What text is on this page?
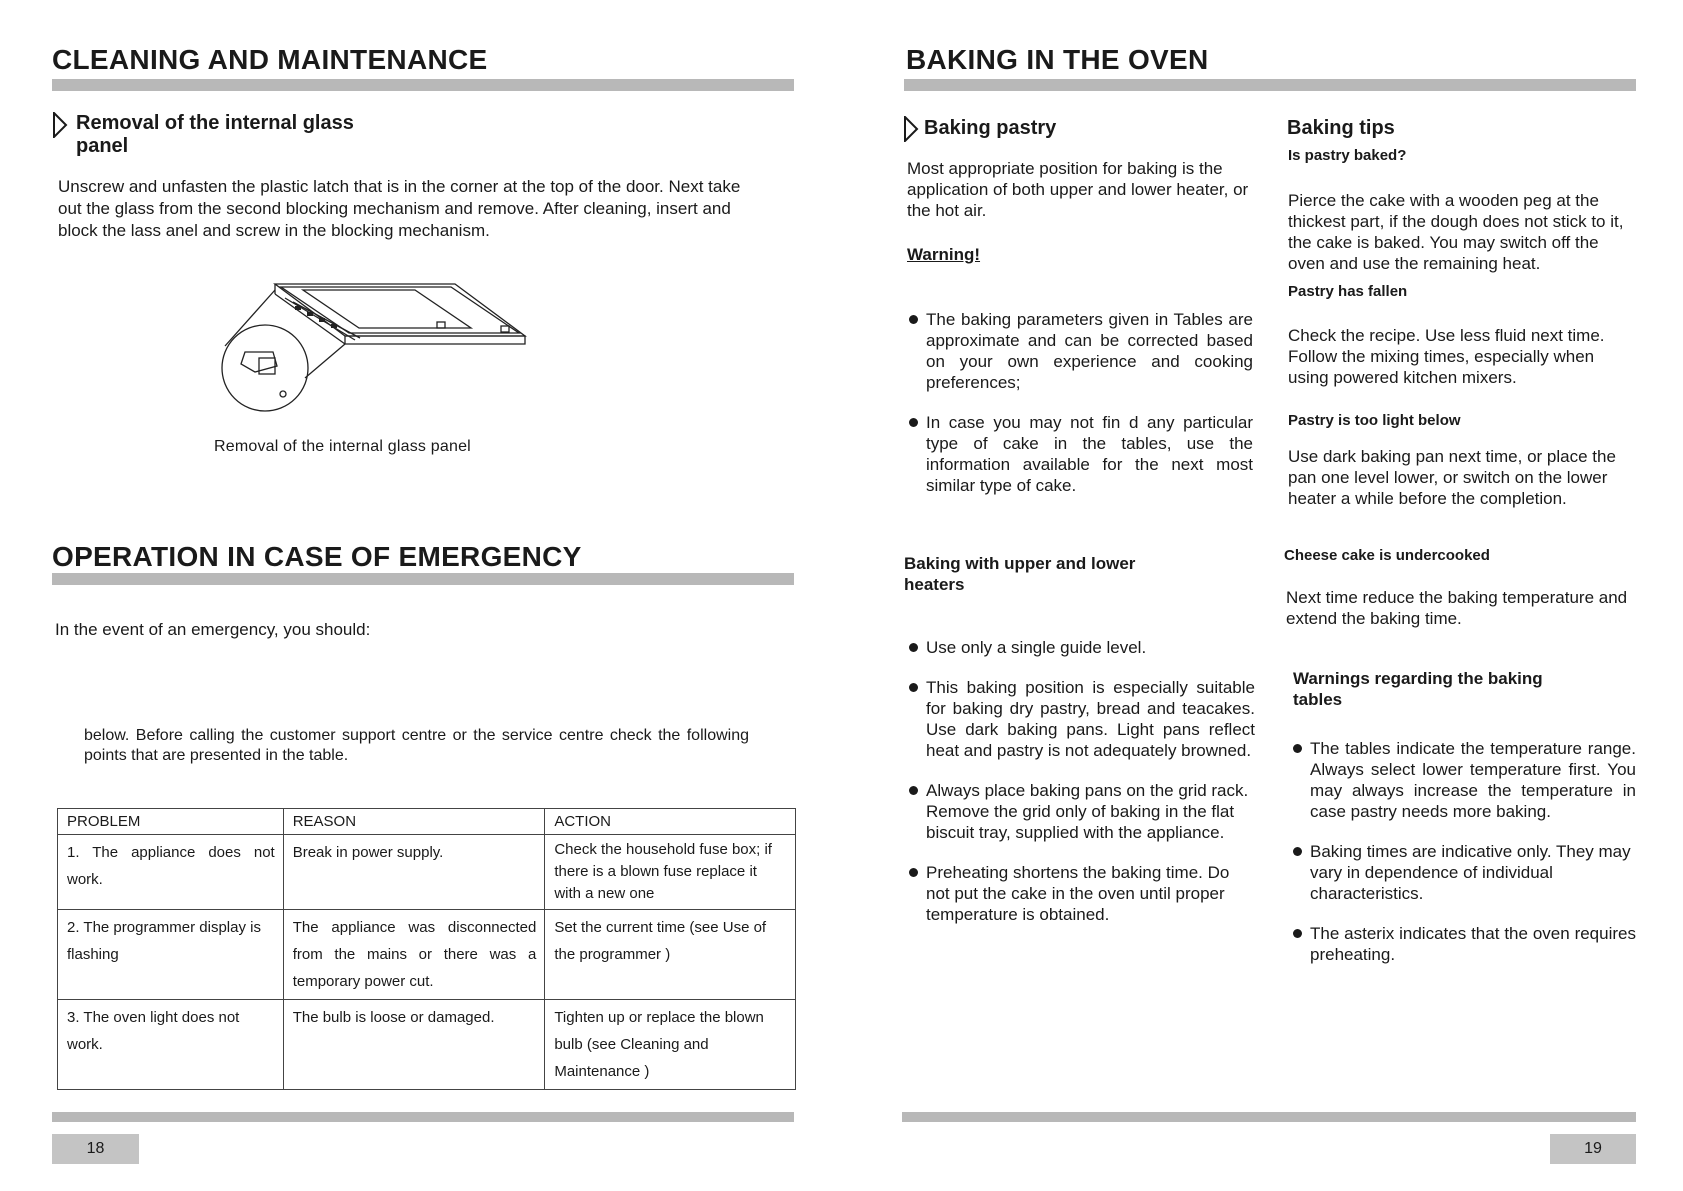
CLEANING AND MAINTENANCE
Removal of the internal glass panel
Unscrew and unfasten the plastic latch that is in the corner at the top of the door. Next take out the glass from the second blocking mechanism and remove. After cleaning, insert and block the lass anel and screw in the blocking mechanism.
Removal of the internal glass panel
OPERATION IN CASE OF EMERGENCY
In the event of an emergency, you should:
below. Before calling the customer support centre or the service centre check the following points that are presented in the table.
PROBLEM	REASON	ACTION
1. The appliance does not work.	Break in power supply.	Check the household fuse box; if there is a blown fuse replace it with a new one
2. The programmer display is flashing	The appliance was disconnected from the mains or there was a temporary power cut.	Set the current time (see Use of the programmer )
3. The oven light does not work.	The bulb is loose or damaged.	Tighten up or replace the blown bulb (see Cleaning and Maintenance )
18
BAKING IN THE OVEN
Baking pastry
Most appropriate position for baking is the application of both upper and lower heater, or the hot air.
Warning!
The baking parameters given in Tables are approximate and can be corrected based on your own experience and cooking preferences;
In case you may not fin d any particular type of cake in the tables, use the information available for the next most similar type of cake.
Baking with upper and lower heaters
Use only a single guide level.
This baking position is especially suitable for baking dry pastry, bread and teacakes. Use dark baking pans. Light pans reflect heat and pastry is not adequately browned.
Always place baking pans on the grid rack. Remove the grid only of baking in the flat biscuit tray, supplied with the appliance.
Preheating shortens the baking time. Do not put the cake in the oven until proper temperature is obtained.
Baking tips
Is pastry baked?
Pierce the cake with a wooden peg at the thickest part, if the dough does not stick to it, the cake is baked. You may switch off the oven and use the remaining heat.
Pastry has fallen
Check the recipe. Use less fluid next time. Follow the mixing times, especially when using powered kitchen mixers.
Pastry is too light below
Use dark baking pan next time, or place the pan one level lower, or switch on the lower heater a while before the completion.
Cheese cake is undercooked
Next time reduce the baking temperature and extend the baking time.
Warnings regarding the baking tables
The tables indicate the temperature range. Always select lower temperature first. You may always increase the temperature in case pastry needs more baking.
Baking times are indicative only. They may vary in dependence of individual characteristics.
The asterix indicates that the oven requires preheating.
19
